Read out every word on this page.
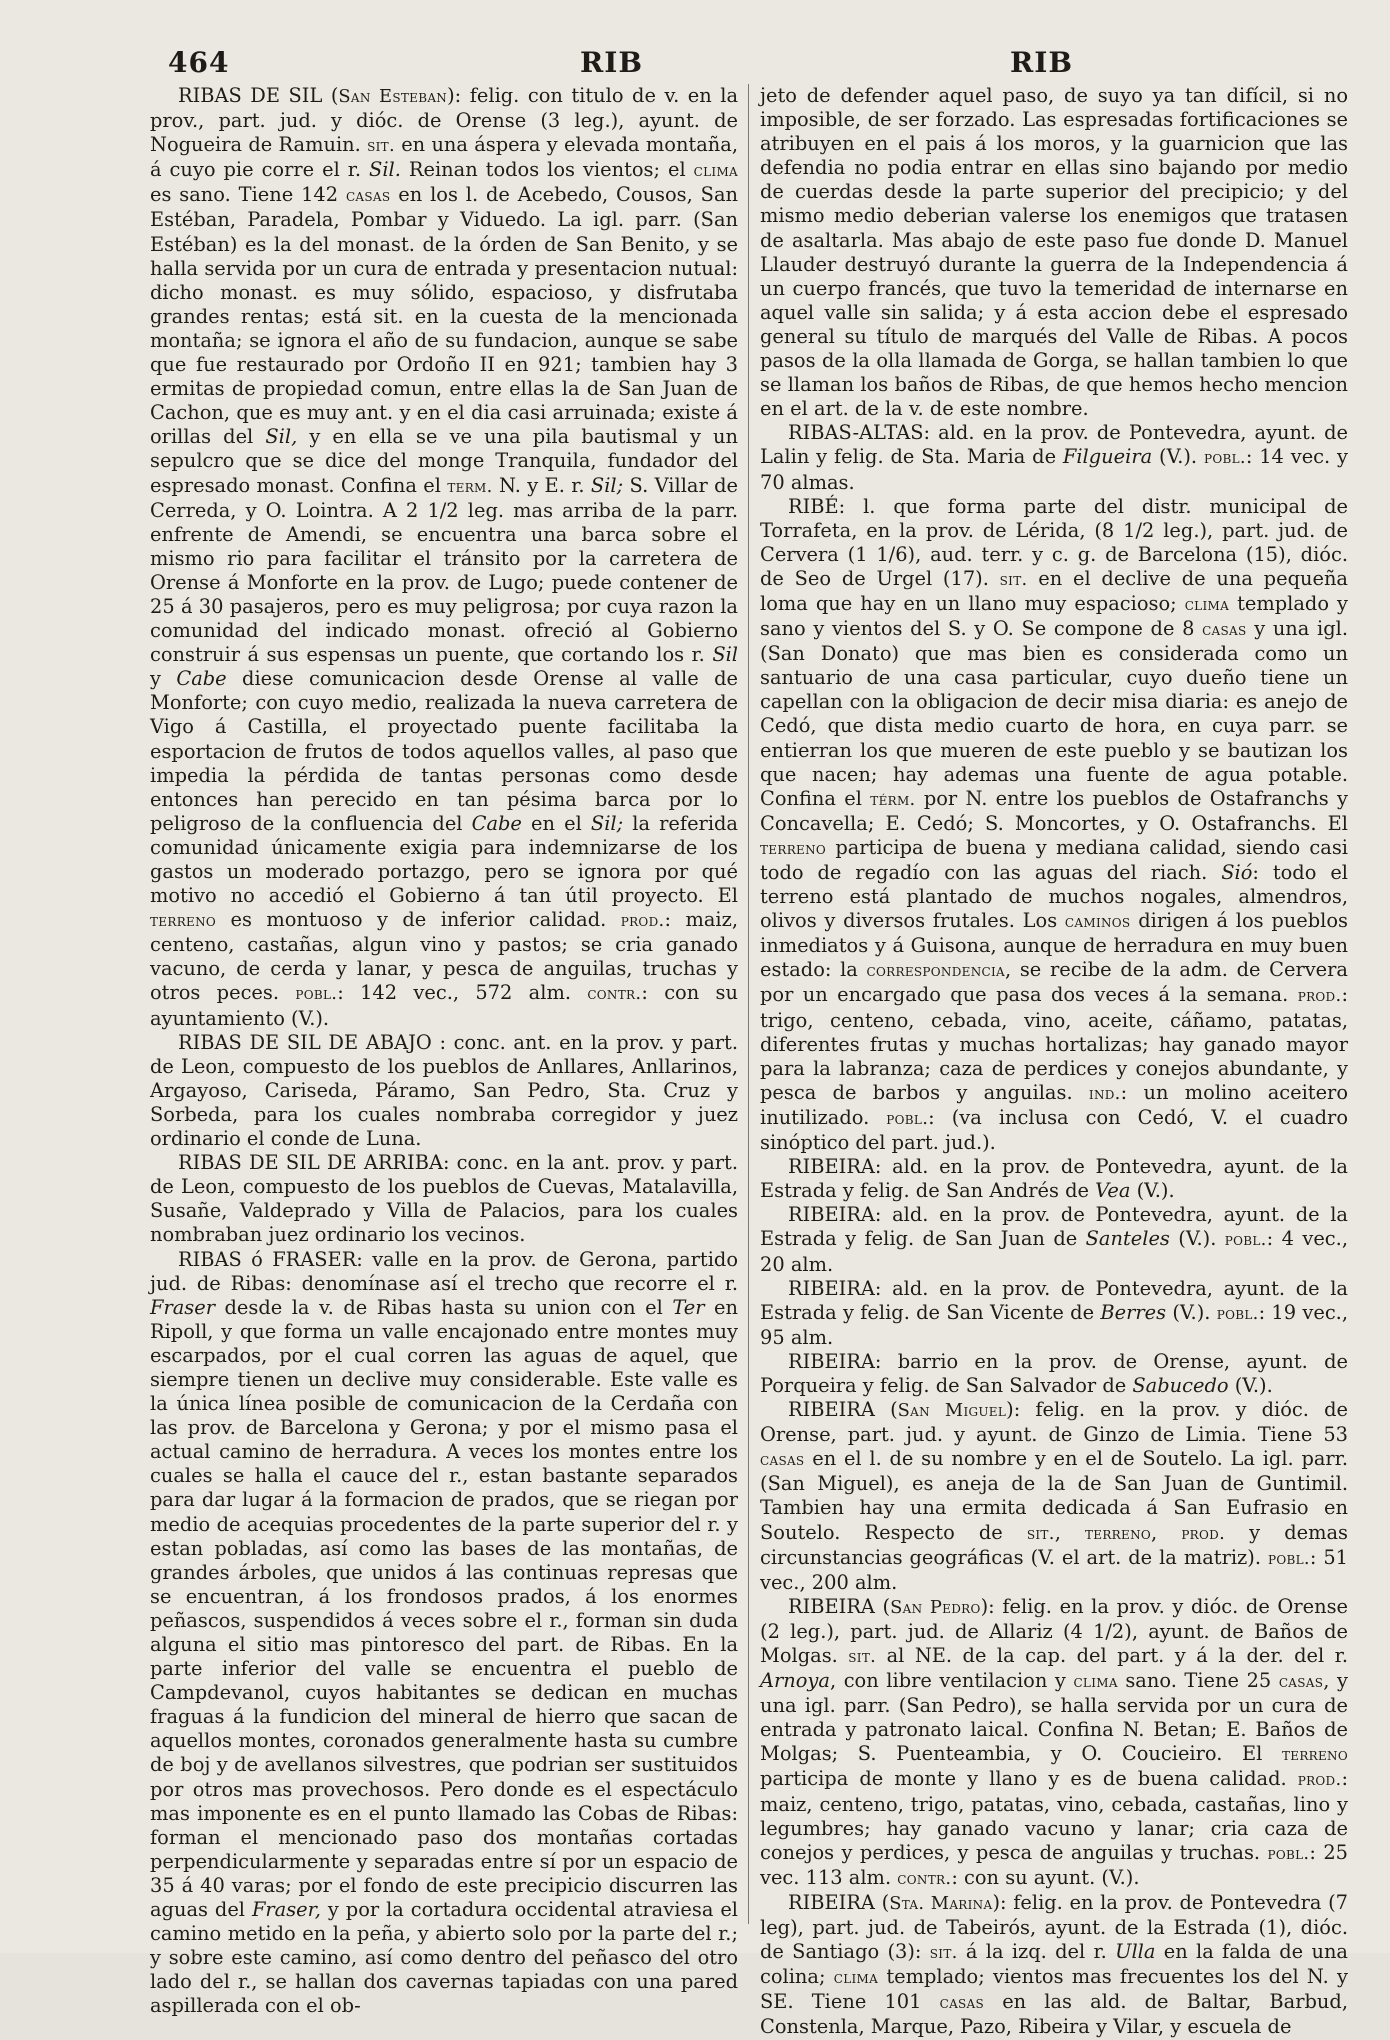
464	RIB	RIB

RIBAS DE SIL (San Esteban): felig. con titulo de v. en la prov., part. jud. y dióc. de Orense (3 leg.), ayunt. de Nogueira de Ramuin. sit. en una áspera y elevada montaña, á cuyo pie corre el r. Sil. Reinan todos los vientos; el clima es sano. Tiene 142 casas en los l. de Acebedo, Cousos, San Estéban, Paradela, Pombar y Viduedo. La igl. parr. (San Estéban) es la del monast. de la órden de San Benito, y se halla servida por un cura de entrada y presentacion nutual: dicho monast. es muy sólido, espacioso, y disfrutaba grandes rentas; está sit. en la cuesta de la mencionada montaña; se ignora el año de su fundacion, aunque se sabe que fue restaurado por Ordoño II en 921; tambien hay 3 ermitas de propiedad comun, entre ellas la de San Juan de Cachon, que es muy ant. y en el dia casi arruinada; existe á orillas del Sil, y en ella se ve una pila bautismal y un sepulcro que se dice del monge Tranquila, fundador del espresado monast. Confina el term. N. y E. r. Sil; S. Villar de Cerreda, y O. Lointra. A 2 1/2 leg. mas arriba de la parr. enfrente de Amendi, se encuentra una barca sobre el mismo rio para facilitar el tránsito por la carretera de Orense á Monforte en la prov. de Lugo; puede contener de 25 á 30 pasajeros, pero es muy peligrosa; por cuya razon la comunidad del indicado monast. ofreció al Gobierno construir á sus espensas un puente, que cortando los r. Sil y Cabe diese comunicacion desde Orense al valle de Monforte; con cuyo medio, realizada la nueva carretera de Vigo á Castilla, el proyectado puente facilitaba la esportacion de frutos de todos aquellos valles, al paso que impedia la pérdida de tantas personas como desde entonces han perecido en tan pésima barca por lo peligroso de la confluencia del Cabe en el Sil; la referida comunidad únicamente exigia para indemnizarse de los gastos un moderado portazgo, pero se ignora por qué motivo no accedió el Gobierno á tan útil proyecto. El terreno es montuoso y de inferior calidad. prod.: maiz, centeno, castañas, algun vino y pastos; se cria ganado vacuno, de cerda y lanar, y pesca de anguilas, truchas y otros peces. pobl.: 142 vec., 572 alm. contr.: con su ayuntamiento (V.).

RIBAS DE SIL DE ABAJO : conc. ant. en la prov. y part. de Leon, compuesto de los pueblos de Anllares, Anllarinos, Argayoso, Cariseda, Páramo, San Pedro, Sta. Cruz y Sorbeda, para los cuales nombraba corregidor y juez ordinario el conde de Luna.

RIBAS DE SIL DE ARRIBA: conc. en la ant. prov. y part. de Leon, compuesto de los pueblos de Cuevas, Matalavilla, Susañe, Valdeprado y Villa de Palacios, para los cuales nombraban juez ordinario los vecinos.

RIBAS ó FRASER: valle en la prov. de Gerona, partido jud. de Ribas: denomínase así el trecho que recorre el r. Fraser desde la v. de Ribas hasta su union con el Ter en Ripoll, y que forma un valle encajonado entre montes muy escarpados, por el cual corren las aguas de aquel, que siempre tienen un declive muy considerable. Este valle es la única línea posible de comunicacion de la Cerdaña con las prov. de Barcelona y Gerona; y por el mismo pasa el actual camino de herradura. A veces los montes entre los cuales se halla el cauce del r., estan bastante separados para dar lugar á la formacion de prados, que se riegan por medio de acequias procedentes de la parte superior del r. y estan pobladas, así como las bases de las montañas, de grandes árboles, que unidos á las continuas represas que se encuentran, á los frondosos prados, á los enormes peñascos, suspendidos á veces sobre el r., forman sin duda alguna el sitio mas pintoresco del part. de Ribas. En la parte inferior del valle se encuentra el pueblo de Campdevanol, cuyos habitantes se dedican en muchas fraguas á la fundicion del mineral de hierro que sacan de aquellos montes, coronados generalmente hasta su cumbre de boj y de avellanos silvestres, que podrian ser sustituidos por otros mas provechosos. Pero donde es el espectáculo mas imponente es en el punto llamado las Cobas de Ribas: forman el mencionado paso dos montañas cortadas perpendicularmente y separadas entre sí por un espacio de 35 á 40 varas; por el fondo de este precipicio discurren las aguas del Fraser, y por la cortadura occidental atraviesa el camino metido en la peña, y abierto solo por la parte del r.; y sobre este camino, así como dentro del peñasco del otro lado del r., se hallan dos cavernas tapiadas con una pared aspillerada con el ob-

jeto de defender aquel paso, de suyo ya tan difícil, si no imposible, de ser forzado. Las espresadas fortificaciones se atribuyen en el pais á los moros, y la guarnicion que las defendia no podia entrar en ellas sino bajando por medio de cuerdas desde la parte superior del precipicio; y del mismo medio deberian valerse los enemigos que tratasen de asaltarla. Mas abajo de este paso fue donde D. Manuel Llauder destruyó durante la guerra de la Independencia á un cuerpo francés, que tuvo la temeridad de internarse en aquel valle sin salida; y á esta accion debe el espresado general su título de marqués del Valle de Ribas. A pocos pasos de la olla llamada de Gorga, se hallan tambien lo que se llaman los baños de Ribas, de que hemos hecho mencion en el art. de la v. de este nombre.

RIBAS-ALTAS: ald. en la prov. de Pontevedra, ayunt. de Lalin y felig. de Sta. Maria de Filgueira (V.). pobl.: 14 vec. y 70 almas.

RIBÉ: l. que forma parte del distr. municipal de Torrafeta, en la prov. de Lérida, (8 1/2 leg.), part. jud. de Cervera (1 1/6), aud. terr. y c. g. de Barcelona (15), dióc. de Seo de Urgel (17). sit. en el declive de una pequeña loma que hay en un llano muy espacioso; clima templado y sano y vientos del S. y O. Se compone de 8 casas y una igl. (San Donato) que mas bien es considerada como un santuario de una casa particular, cuyo dueño tiene un capellan con la obligacion de decir misa diaria: es anejo de Cedó, que dista medio cuarto de hora, en cuya parr. se entierran los que mueren de este pueblo y se bautizan los que nacen; hay ademas una fuente de agua potable. Confina el térm. por N. entre los pueblos de Ostafranchs y Concavella; E. Cedó; S. Moncortes, y O. Ostafranchs. El terreno participa de buena y mediana calidad, siendo casi todo de regadío con las aguas del riach. Sió: todo el terreno está plantado de muchos nogales, almendros, olivos y diversos frutales. Los caminos dirigen á los pueblos inmediatos y á Guisona, aunque de herradura en muy buen estado: la correspondencia, se recibe de la adm. de Cervera por un encargado que pasa dos veces á la semana. prod.: trigo, centeno, cebada, vino, aceite, cáñamo, patatas, diferentes frutas y muchas hortalizas; hay ganado mayor para la labranza; caza de perdices y conejos abundante, y pesca de barbos y anguilas. ind.: un molino aceitero inutilizado. pobl.: (va inclusa con Cedó, V. el cuadro sinóptico del part. jud.).

RIBEIRA: ald. en la prov. de Pontevedra, ayunt. de la Estrada y felig. de San Andrés de Vea (V.).

RIBEIRA: ald. en la prov. de Pontevedra, ayunt. de la Estrada y felig. de San Juan de Santeles (V.). pobl.: 4 vec., 20 alm.

RIBEIRA: ald. en la prov. de Pontevedra, ayunt. de la Estrada y felig. de San Vicente de Berres (V.). pobl.: 19 vec., 95 alm.

RIBEIRA: barrio en la prov. de Orense, ayunt. de Porqueira y felig. de San Salvador de Sabucedo (V.).

RIBEIRA (San Miguel): felig. en la prov. y dióc. de Orense, part. jud. y ayunt. de Ginzo de Limia. Tiene 53 casas en el l. de su nombre y en el de Soutelo. La igl. parr. (San Miguel), es aneja de la de San Juan de Guntimil. Tambien hay una ermita dedicada á San Eufrasio en Soutelo. Respecto de sit., terreno, prod. y demas circunstancias geográficas (V. el art. de la matriz). pobl.: 51 vec., 200 alm.

RIBEIRA (San Pedro): felig. en la prov. y dióc. de Orense (2 leg.), part. jud. de Allariz (4 1/2), ayunt. de Baños de Molgas. sit. al NE. de la cap. del part. y á la der. del r. Arnoya, con libre ventilacion y clima sano. Tiene 25 casas, y una igl. parr. (San Pedro), se halla servida por un cura de entrada y patronato laical. Confina N. Betan; E. Baños de Molgas; S. Puenteambia, y O. Coucieiro. El terreno participa de monte y llano y es de buena calidad. prod.: maiz, centeno, trigo, patatas, vino, cebada, castañas, lino y legumbres; hay ganado vacuno y lanar; cria caza de conejos y perdices, y pesca de anguilas y truchas. pobl.: 25 vec. 113 alm. contr.: con su ayunt. (V.).

RIBEIRA (Sta. Marina): felig. en la prov. de Pontevedra (7 leg), part. jud. de Tabeirós, ayunt. de la Estrada (1), dióc. de Santiago (3): sit. á la izq. del r. Ulla en la falda de una colina; clima templado; vientos mas frecuentes los del N. y SE. Tiene 101 casas en las ald. de Baltar, Barbud, Constenla, Marque, Pazo, Ribeira y Vilar, y escuela de
